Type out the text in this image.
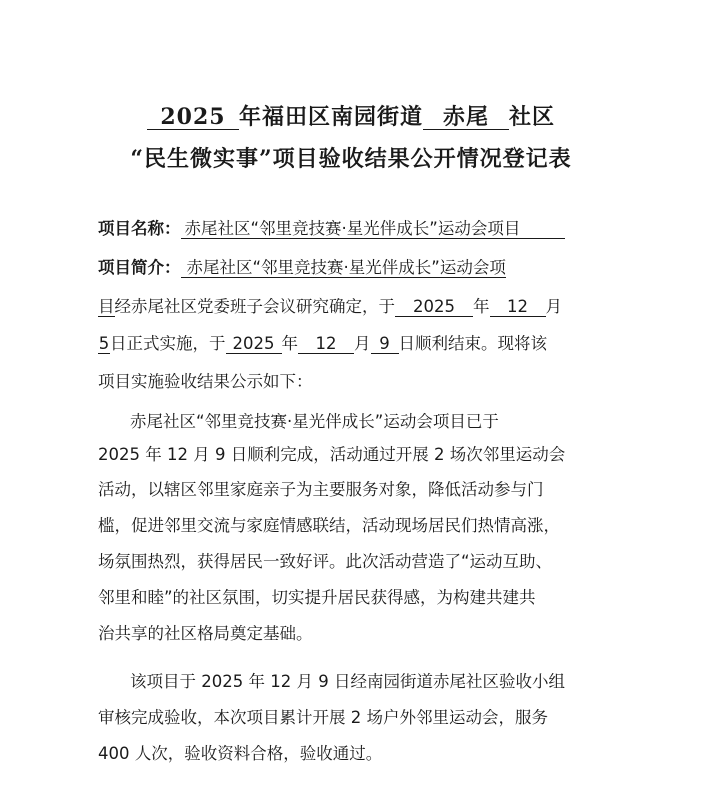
2025 年福田区南园街道 赤尾 社区
“民生微实事”项目验收结果公开情况登记表
项目名称： 赤尾社区“邻里竞技赛·星光伴成长”运动会项目
项目简介： 赤尾社区“邻里竞技赛·星光伴成长”运动会项
目经赤尾社区党委班子会议研究确定，于 2025 年 12 月
5日正式实施，于 2025 年 12 月 9 日顺利结束。现将该
项目实施验收结果公示如下：
赤尾社区“邻里竞技赛·星光伴成长”运动会项目已于
2025 年 12 月 9 日顺利完成，活动通过开展 2 场次邻里运动会
活动，以辖区邻里家庭亲子为主要服务对象，降低活动参与门
槛，促进邻里交流与家庭情感联结，活动现场居民们热情高涨，
场氛围热烈，获得居民一致好评。此次活动营造了“运动互助、
邻里和睦”的社区氛围，切实提升居民获得感，为构建共建共
治共享的社区格局奠定基础。
该项目于 2025 年 12 月 9 日经南园街道赤尾社区验收小组
审核完成验收，本次项目累计开展 2 场户外邻里运动会，服务
400 人次，验收资料合格，验收通过。
